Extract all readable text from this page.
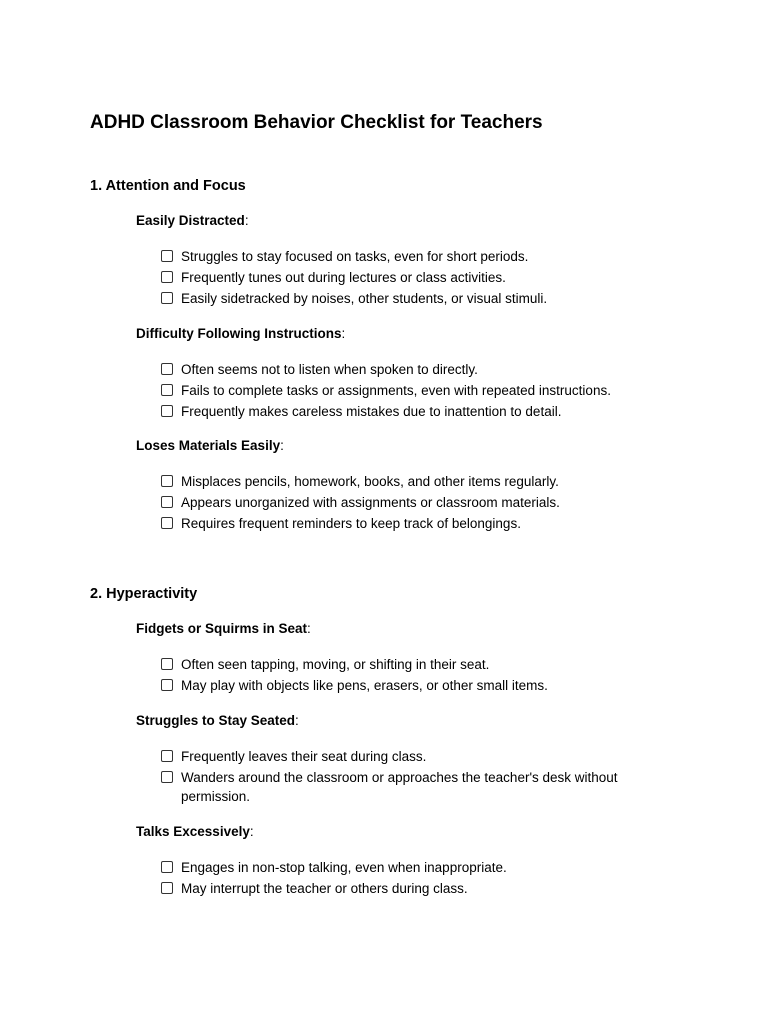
ADHD Classroom Behavior Checklist for Teachers
1. Attention and Focus

Easily Distracted:

Struggles to stay focused on tasks, even for short periods.
Frequently tunes out during lectures or class activities.
Easily sidetracked by noises, other students, or visual stimuli.

Difficulty Following Instructions:

Often seems not to listen when spoken to directly.
Fails to complete tasks or assignments, even with repeated instructions.
Frequently makes careless mistakes due to inattention to detail.

Loses Materials Easily:

Misplaces pencils, homework, books, and other items regularly.
Appears unorganized with assignments or classroom materials.
Requires frequent reminders to keep track of belongings.
2. Hyperactivity

Fidgets or Squirms in Seat:

Often seen tapping, moving, or shifting in their seat.
May play with objects like pens, erasers, or other small items.

Struggles to Stay Seated:

Frequently leaves their seat during class.
Wanders around the classroom or approaches the teacher's desk without permission.

Talks Excessively:

Engages in non-stop talking, even when inappropriate.
May interrupt the teacher or others during class.
